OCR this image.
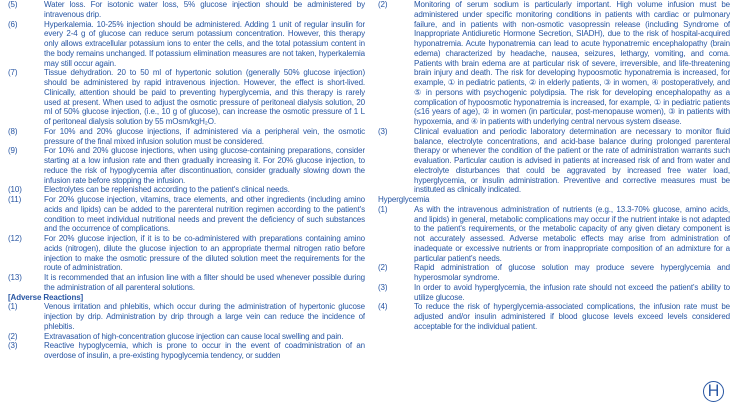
(5)	Water loss. For isotonic water loss, 5% glucose injection should be administered by intravenous drip.
(6)	Hyperkalemia. 10-25% injection should be administered. Adding 1 unit of regular insulin for every 2-4 g of glucose can reduce serum potassium concentration. However, this therapy only allows extracellular potassium ions to enter the cells, and the total potassium content in the body remains unchanged. If potassium elimination measures are not taken, hyperkalemia may still occur again.
(7)	Tissue dehydration. 20 to 50 ml of hypertonic solution (generally 50% glucose injection) should be administered by rapid intravenous injection. However, the effect is short-lived. Clinically, attention should be paid to preventing hyperglycemia, and this therapy is rarely used at present. When used to adjust the osmotic pressure of peritoneal dialysis solution, 20 ml of 50% glucose injection, (i.e., 10 g of glucose), can increase the osmotic pressure of 1 L of peritoneal dialysis solution by 55 mOsm/kgH₂O.
(8)	For 10% and 20% glucose injections, if administered via a peripheral vein, the osmotic pressure of the final mixed infusion solution must be considered.
(9)	For 10% and 20% glucose injections, when using glucose-containing preparations, consider starting at a low infusion rate and then gradually increasing it. For 20% glucose injection, to reduce the risk of hypoglycemia after discontinuation, consider gradually slowing down the infusion rate before stopping the infusion.
(10)	Electrolytes can be replenished according to the patient's clinical needs.
(11)	For 20% glucose injection, vitamins, trace elements, and other ingredients (including amino acids and lipids) can be added to the parenteral nutrition regimen according to the patient's condition to meet individual nutritional needs and prevent the deficiency of such substances and the occurrence of complications.
(12)	For 20% glucose injection, if it is to be co-administered with preparations containing amino acids (nitrogen), dilute the glucose injection to an appropriate thermal nitrogen ratio before injection to make the osmotic pressure of the diluted solution meet the requirements for the route of administration.
(13)	It is recommended that an infusion line with a filter should be used whenever possible during the administration of all parenteral solutions.
[Adverse Reactions]
(1)	Venous irritation and phlebitis, which occur during the administration of hypertonic glucose injection by drip. Administration by drip through a large vein can reduce the incidence of phlebitis.
(2)	Extravasation of high-concentration glucose injection can cause local swelling and pain.
(3)	Reactive hypoglycemia, which is prone to occur in the event of coadministration of an overdose of insulin, a pre-existing hypoglycemia tendency, or sudden
(2)	Monitoring of serum sodium is particularly important. High volume infusion must be administered under specific monitoring conditions in patients with cardiac or pulmonary failure, and in patients with non-osmotic vasopressin release (including Syndrome of Inappropriate Antidiuretic Hormone Secretion, SIADH), due to the risk of hospital-acquired hyponatremia. Acute hyponatremia can lead to acute hyponatremic encephalopathy (brain edema) characterized by headache, nausea, seizures, lethargy, vomiting, and coma. Patients with brain edema are at particular risk of severe, irreversible, and life-threatening brain injury and death. The risk for developing hypoosmotic hyponatremia is increased, for example, ① in pediatric patients, ② in elderly patients, ③ in women, ④ postoperatively, and ⑤ in persons with psychogenic polydipsia. The risk for developing encephalopathy as a complication of hypoosmotic hyponatremia is increased, for example, ① in pediatric patients (≤16 years of age), ② in women (in particular, post-menopause women), ③ in patients with hypoxemia, and ④ in patients with underlying central nervous system disease.
(3)	Clinical evaluation and periodic laboratory determination are necessary to monitor fluid balance, electrolyte concentrations, and acid-base balance during prolonged parenteral therapy or whenever the condition of the patient or the rate of administration warrants such evaluation. Particular caution is advised in patients at increased risk of and from water and electrolyte disturbances that could be aggravated by increased free water load, hyperglycemia, or insulin administration. Preventive and corrective measures must be instituted as clinically indicated.
Hyperglycemia
(1)	As with the intravenous administration of nutrients (e.g., 13.3-70% glucose, amino acids, and lipids) in general, metabolic complications may occur if the nutrient intake is not adapted to the patient's requirements, or the metabolic capacity of any given dietary component is not accurately assessed. Adverse metabolic effects may arise from administration of inadequate or excessive nutrients or from inappropriate composition of an admixture for a particular patient's needs.
(2)	Rapid administration of glucose solution may produce severe hyperglycemia and hyperosmolar syndrome.
(3)	In order to avoid hyperglycemia, the infusion rate should not exceed the patient's ability to utilize glucose.
(4)	To reduce the risk of hyperglycemia-associated complications, the infusion rate must be adjusted and/or insulin administered if blood glucose levels exceed levels considered acceptable for the individual patient.
H
